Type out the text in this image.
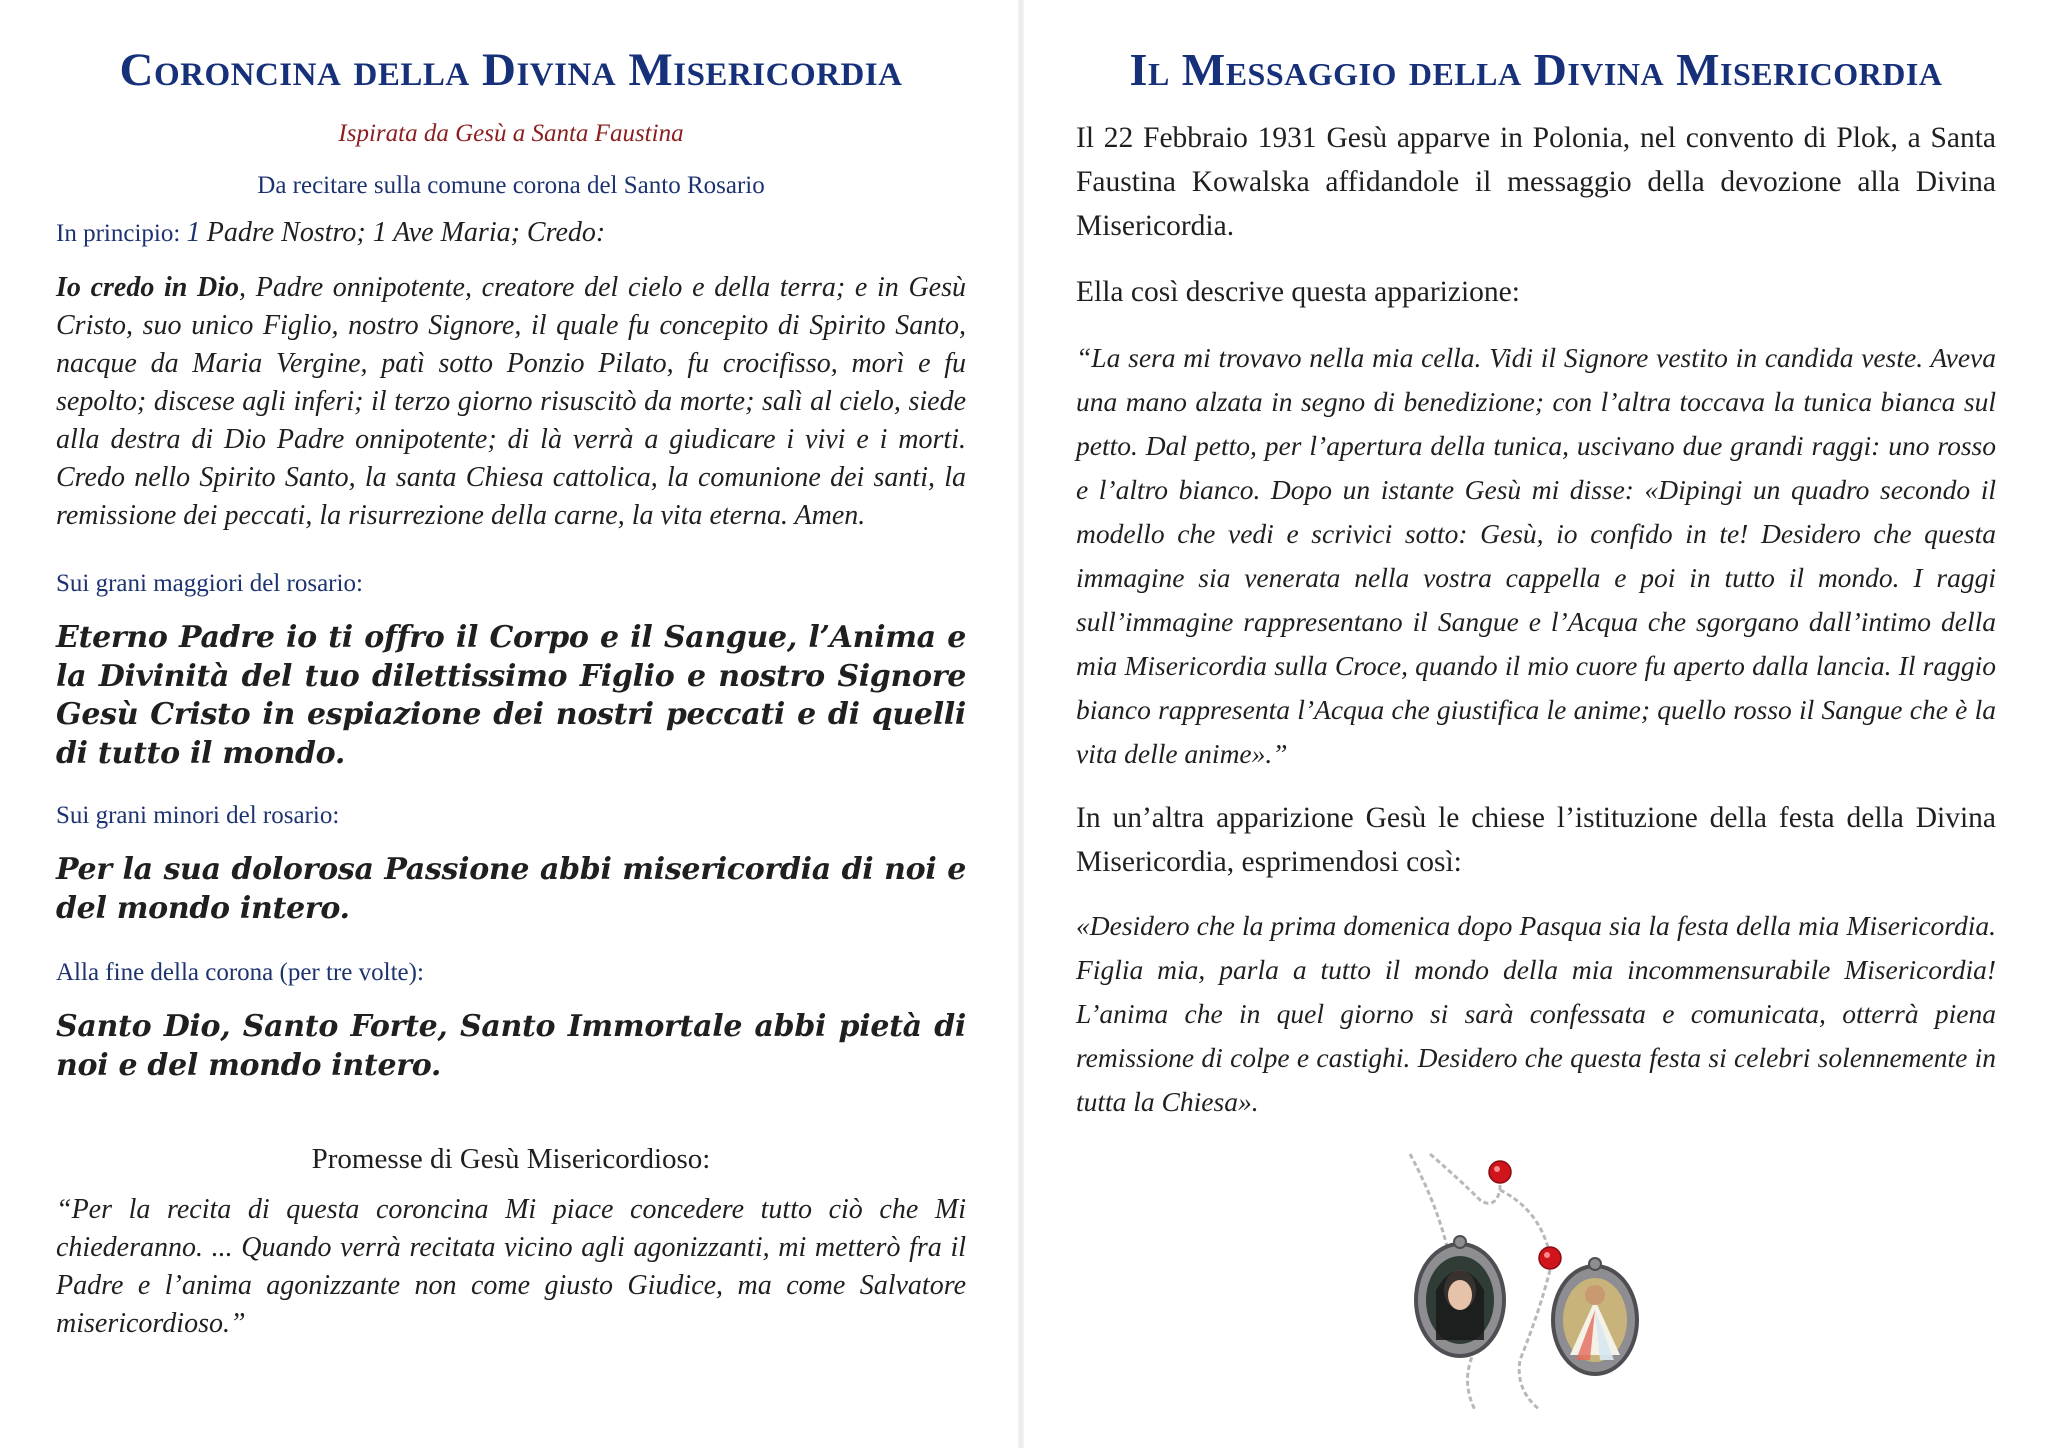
Coroncina della Divina Misericordia

Ispirata da Gesù a Santa Faustina

Da recitare sulla comune corona del Santo Rosario

In principio: 1 Padre Nostro; 1 Ave Maria; Credo:

Io credo in Dio, Padre onnipotente, creatore del cielo e della terra; e in Gesù Cristo, suo unico Figlio, nostro Signore, il quale fu concepito di Spirito Santo, nacque da Maria Vergine, patì sotto Ponzio Pilato, fu crocifisso, morì e fu sepolto; discese agli inferi; il terzo giorno risuscitò da morte; salì al cielo, siede alla destra di Dio Padre onnipotente; di là verrà a giudicare i vivi e i morti. Credo nello Spirito Santo, la santa Chiesa cattolica, la comunione dei santi, la remissione dei peccati, la risurrezione della carne, la vita eterna. Amen.

Sui grani maggiori del rosario:

Eterno Padre io ti offro il Corpo e il Sangue, l’Anima e la Divinità del tuo dilettissimo Figlio e nostro Signore Gesù Cristo in espiazione dei nostri peccati e di quelli di tutto il mondo.

Sui grani minori del rosario:

Per la sua dolorosa Passione abbi misericordia di noi e del mondo intero.

Alla fine della corona (per tre volte):

Santo Dio, Santo Forte, Santo Immortale abbi pietà di noi e del mondo intero.

Promesse di Gesù Misericordioso:

“Per la recita di questa coroncina Mi piace concedere tutto ciò che Mi chiederanno. ... Quando verrà recitata vicino agli agonizzanti, mi metterò fra il Padre e l’anima agonizzante non come giusto Giudice, ma come Salvatore misericordioso.”

Il Messaggio della Divina Misericordia

Il 22 Febbraio 1931 Gesù apparve in Polonia, nel convento di Plok, a Santa Faustina Kowalska affidandole il messaggio della devozione alla Divina Misericordia.

Ella così descrive questa apparizione:

“La sera mi trovavo nella mia cella. Vidi il Signore vestito in candida veste. Aveva una mano alzata in segno di benedizione; con l’altra toccava la tunica bianca sul petto. Dal petto, per l’apertura della tunica, uscivano due grandi raggi: uno rosso e l’altro bianco. Dopo un istante Gesù mi disse: «Dipingi un quadro secondo il modello che vedi e scrivici sotto: Gesù, io confido in te! Desidero che questa immagine sia venerata nella vostra cappella e poi in tutto il mondo. I raggi sull’immagine rappresentano il Sangue e l’Acqua che sgorgano dall’intimo della mia Misericordia sulla Croce, quando il mio cuore fu aperto dalla lancia. Il raggio bianco rappresenta l’Acqua che giustifica le anime; quello rosso il Sangue che è la vita delle anime».”

In un’altra apparizione Gesù le chiese l’istituzione della festa della Divina Misericordia, esprimendosi così:

«Desidero che la prima domenica dopo Pasqua sia la festa della mia Misericordia. Figlia mia, parla a tutto il mondo della mia incommensurabile Misericordia! L’anima che in quel giorno si sarà confessata e comunicata, otterrà piena remissione di colpe e castighi. Desidero che questa festa si celebri solennemente in tutta la Chiesa».
